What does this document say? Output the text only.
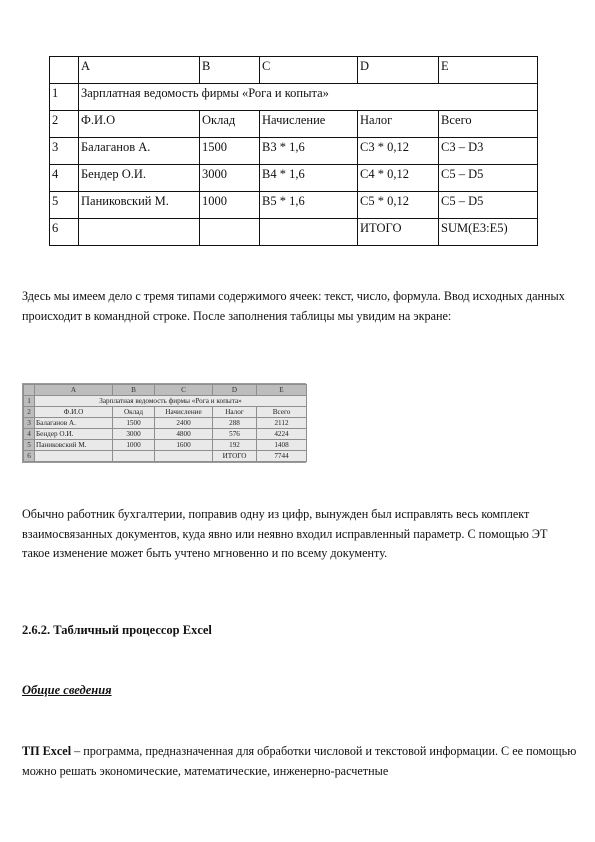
	A	B	C	D	E
1	Зарплатная ведомость фирмы «Рога и копыта»				
2	Ф.И.О	Оклад	Начисление	Налог	Всего
3	Балаганов А.	1500	B3 * 1,6	C3 * 0,12	C3 – D3
4	Бендер О.И.	3000	B4 * 1,6	C4 * 0,12	C5 – D5
5	Паниковский М.	1000	B5 * 1,6	C5 * 0,12	C5 – D5
6				ИТОГО	SUM(E3:E5)

Здесь мы имеем дело с тремя типами содержимого ячеек: текст, число, формула. Ввод исходных данных происходит в командной строке. После заполнения таблицы мы увидим на экране:

	A	B	C	D	E
1	Зарплатная ведомость фирмы «Рога и копыта»				
2	Ф.И.О	Оклад	Начисление	Налог	Всего
3	Балаганов А.	1500	2400	288	2112
4	Бендер О.И.	3000	4800	576	4224
5	Паниковский М.	1000	1600	192	1408
6				ИТОГО	7744

Обычно работник бухгалтерии, поправив одну из цифр, вынужден был исправлять весь комплект взаимосвязанных документов, куда явно или неявно входил исправленный параметр. С помощью ЭТ такое изменение может быть учтено мгновенно и по всему документу.

2.6.2. Табличный процессор Excel

Общие сведения

ТП Excel – программа, предназначенная для обработки числовой и текстовой информации. С ее помощью можно решать экономические, математические, инженерно-расчетные
